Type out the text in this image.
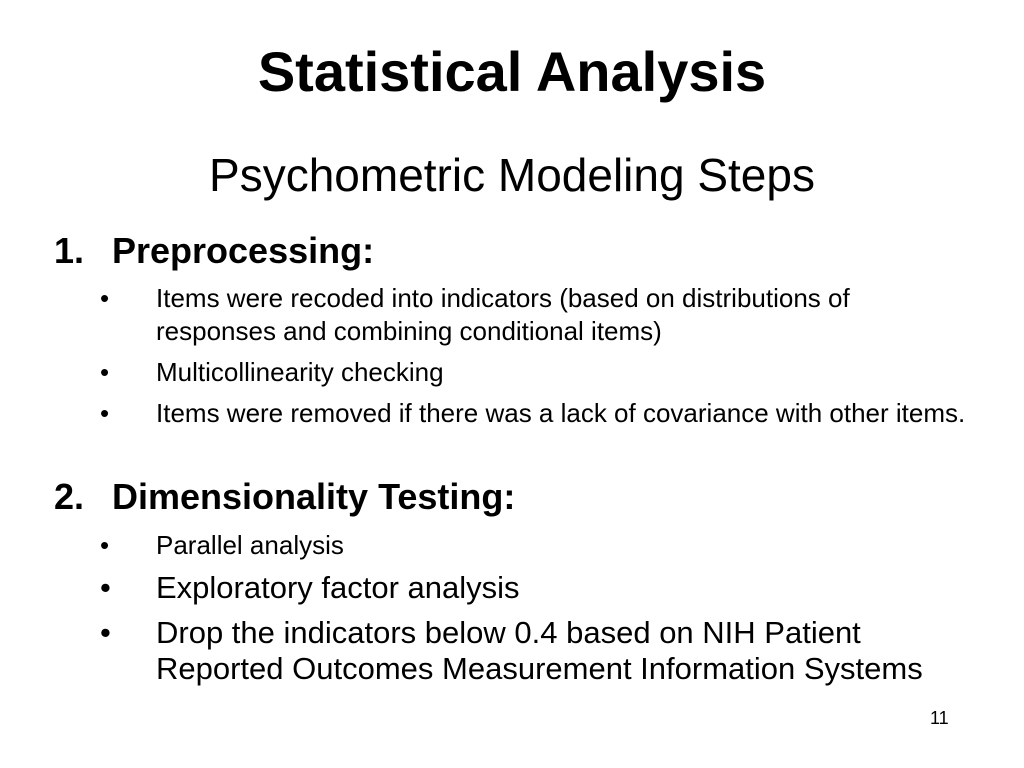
Statistical Analysis
Psychometric Modeling Steps
1. Preprocessing:
• Items were recoded into indicators (based on distributions of responses and combining conditional items)
• Multicollinearity checking
• Items were removed if there was a lack of covariance with other items.
2. Dimensionality Testing:
• Parallel analysis
• Exploratory factor analysis
• Drop the indicators below 0.4 based on NIH Patient Reported Outcomes Measurement Information Systems
11
